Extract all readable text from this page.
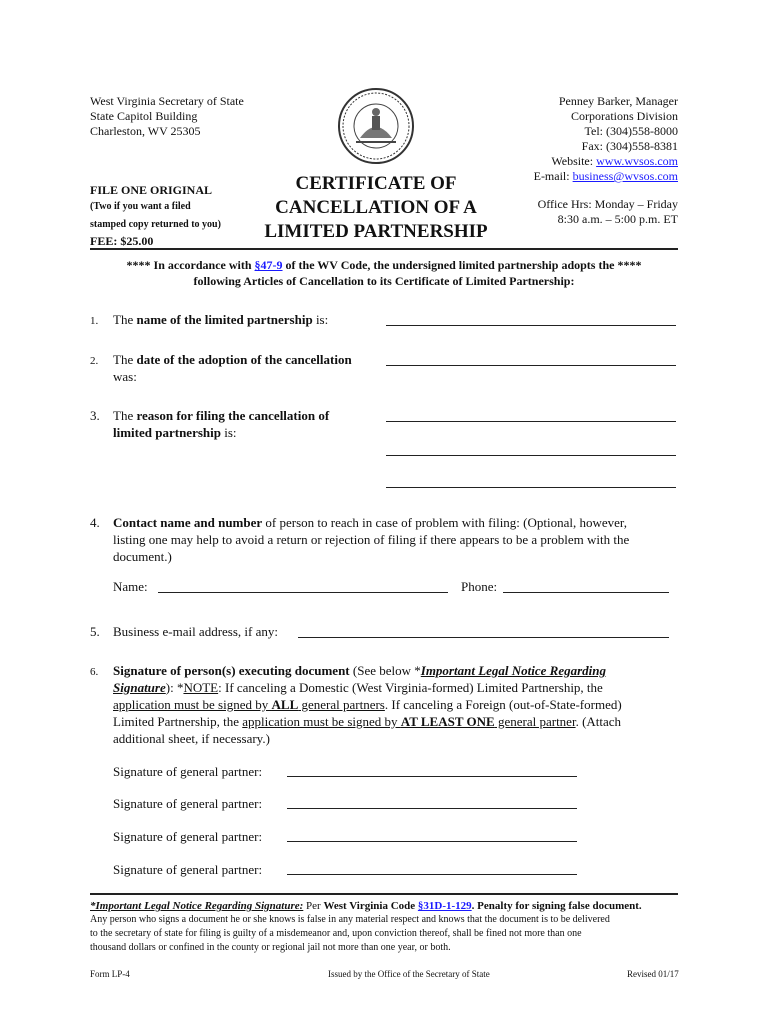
West Virginia Secretary of State
State Capitol Building
Charleston, WV 25305
Penney Barker, Manager
Corporations Division
Tel: (304)558-8000
Fax: (304)558-8381
Website: www.wvsos.com
E-mail: business@wvsos.com
Office Hrs: Monday – Friday
8:30 a.m. – 5:00 p.m. ET
FILE ONE ORIGINAL
(Two if you want a filed
stamped copy returned to you)
FEE: $25.00
CERTIFICATE OF
CANCELLATION OF A
LIMITED PARTNERSHIP
**** In accordance with §47-9 of the WV Code, the undersigned limited partnership adopts the ****
following Articles of Cancellation to its Certificate of Limited Partnership:
1. The name of the limited partnership is:
2. The date of the adoption of the cancellation
was:
3. The reason for filing the cancellation of
limited partnership is:
4. Contact name and number of person to reach in case of problem with filing: (Optional, however,
listing one may help to avoid a return or rejection of filing if there appears to be a problem with the
document.)
Name:	Phone:
5. Business e-mail address, if any:
6. Signature of person(s) executing document (See below *Important Legal Notice Regarding
Signature): *NOTE: If canceling a Domestic (West Virginia-formed) Limited Partnership, the
application must be signed by ALL general partners. If canceling a Foreign (out-of-State-formed)
Limited Partnership, the application must be signed by AT LEAST ONE general partner. (Attach
additional sheet, if necessary.)
Signature of general partner:
Signature of general partner:
Signature of general partner:
Signature of general partner:
*Important Legal Notice Regarding Signature: Per West Virginia Code §31D-1-129. Penalty for signing false document.
Any person who signs a document he or she knows is false in any material respect and knows that the document is to be delivered
to the secretary of state for filing is guilty of a misdemeanor and, upon conviction thereof, shall be fined not more than one
thousand dollars or confined in the county or regional jail not more than one year, or both.
Form LP-4	Issued by the Office of the Secretary of State	Revised 01/17
